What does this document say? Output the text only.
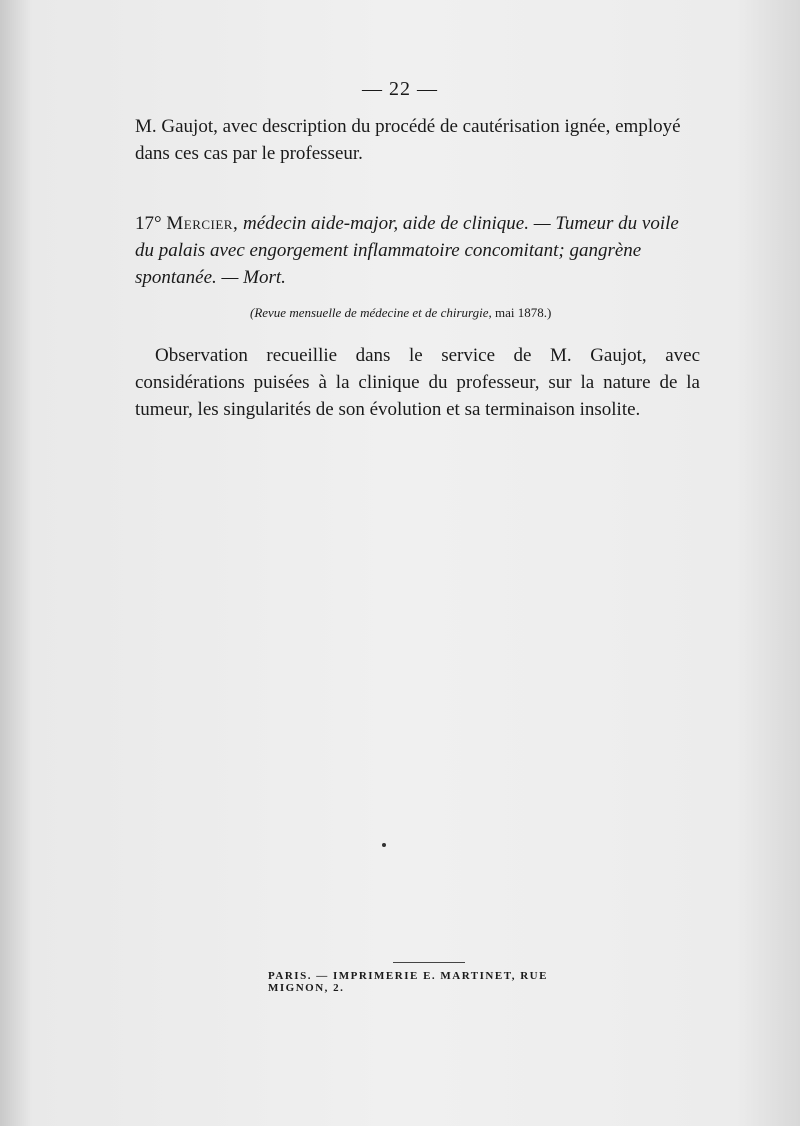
— 22 —

M. Gaujot, avec description du procédé de cautérisation ignée, employé dans ces cas par le professeur.

17° Mercier, médecin aide-major, aide de clinique. — Tumeur du voile du palais avec engorgement inflammatoire concomitant; gangrène spontanée. — Mort.

(Revue mensuelle de médecine et de chirurgie, mai 1878.)

Observation recueillie dans le service de M. Gaujot, avec considérations puisées à la clinique du professeur, sur la nature de la tumeur, les singularités de son évolution et sa terminaison insolite.

PARIS. — IMPRIMERIE E. MARTINET, RUE MIGNON, 2.
